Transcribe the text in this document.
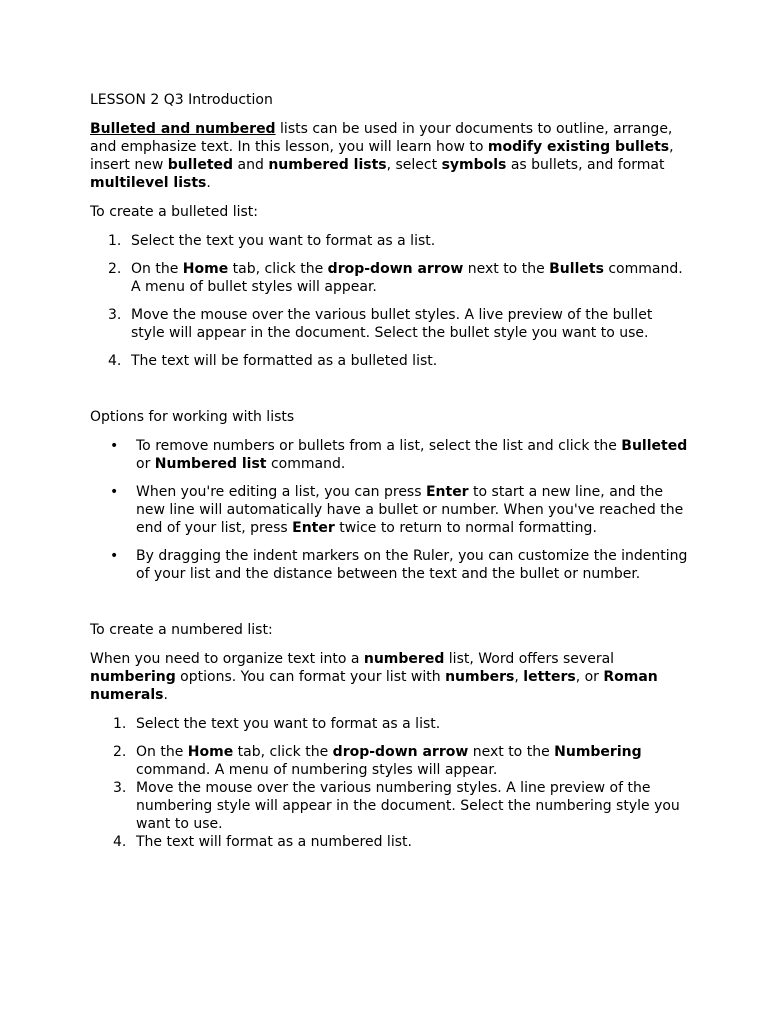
LESSON 2 Q3 Introduction

Bulleted and numbered lists can be used in your documents to outline, arrange, and emphasize text. In this lesson, you will learn how to modify existing bullets, insert new bulleted and numbered lists, select symbols as bullets, and format multilevel lists.

To create a bulleted list:

1. Select the text you want to format as a list.
2. On the Home tab, click the drop-down arrow next to the Bullets command. A menu of bullet styles will appear.
3. Move the mouse over the various bullet styles. A live preview of the bullet style will appear in the document. Select the bullet style you want to use.
4. The text will be formatted as a bulleted list.

Options for working with lists

• To remove numbers or bullets from a list, select the list and click the Bulleted or Numbered list command.
• When you're editing a list, you can press Enter to start a new line, and the new line will automatically have a bullet or number. When you've reached the end of your list, press Enter twice to return to normal formatting.
• By dragging the indent markers on the Ruler, you can customize the indenting of your list and the distance between the text and the bullet or number.

To create a numbered list:

When you need to organize text into a numbered list, Word offers several numbering options. You can format your list with numbers, letters, or Roman numerals.

1. Select the text you want to format as a list.
2. On the Home tab, click the drop-down arrow next to the Numbering command. A menu of numbering styles will appear.
3. Move the mouse over the various numbering styles. A line preview of the numbering style will appear in the document. Select the numbering style you want to use.
4. The text will format as a numbered list.
